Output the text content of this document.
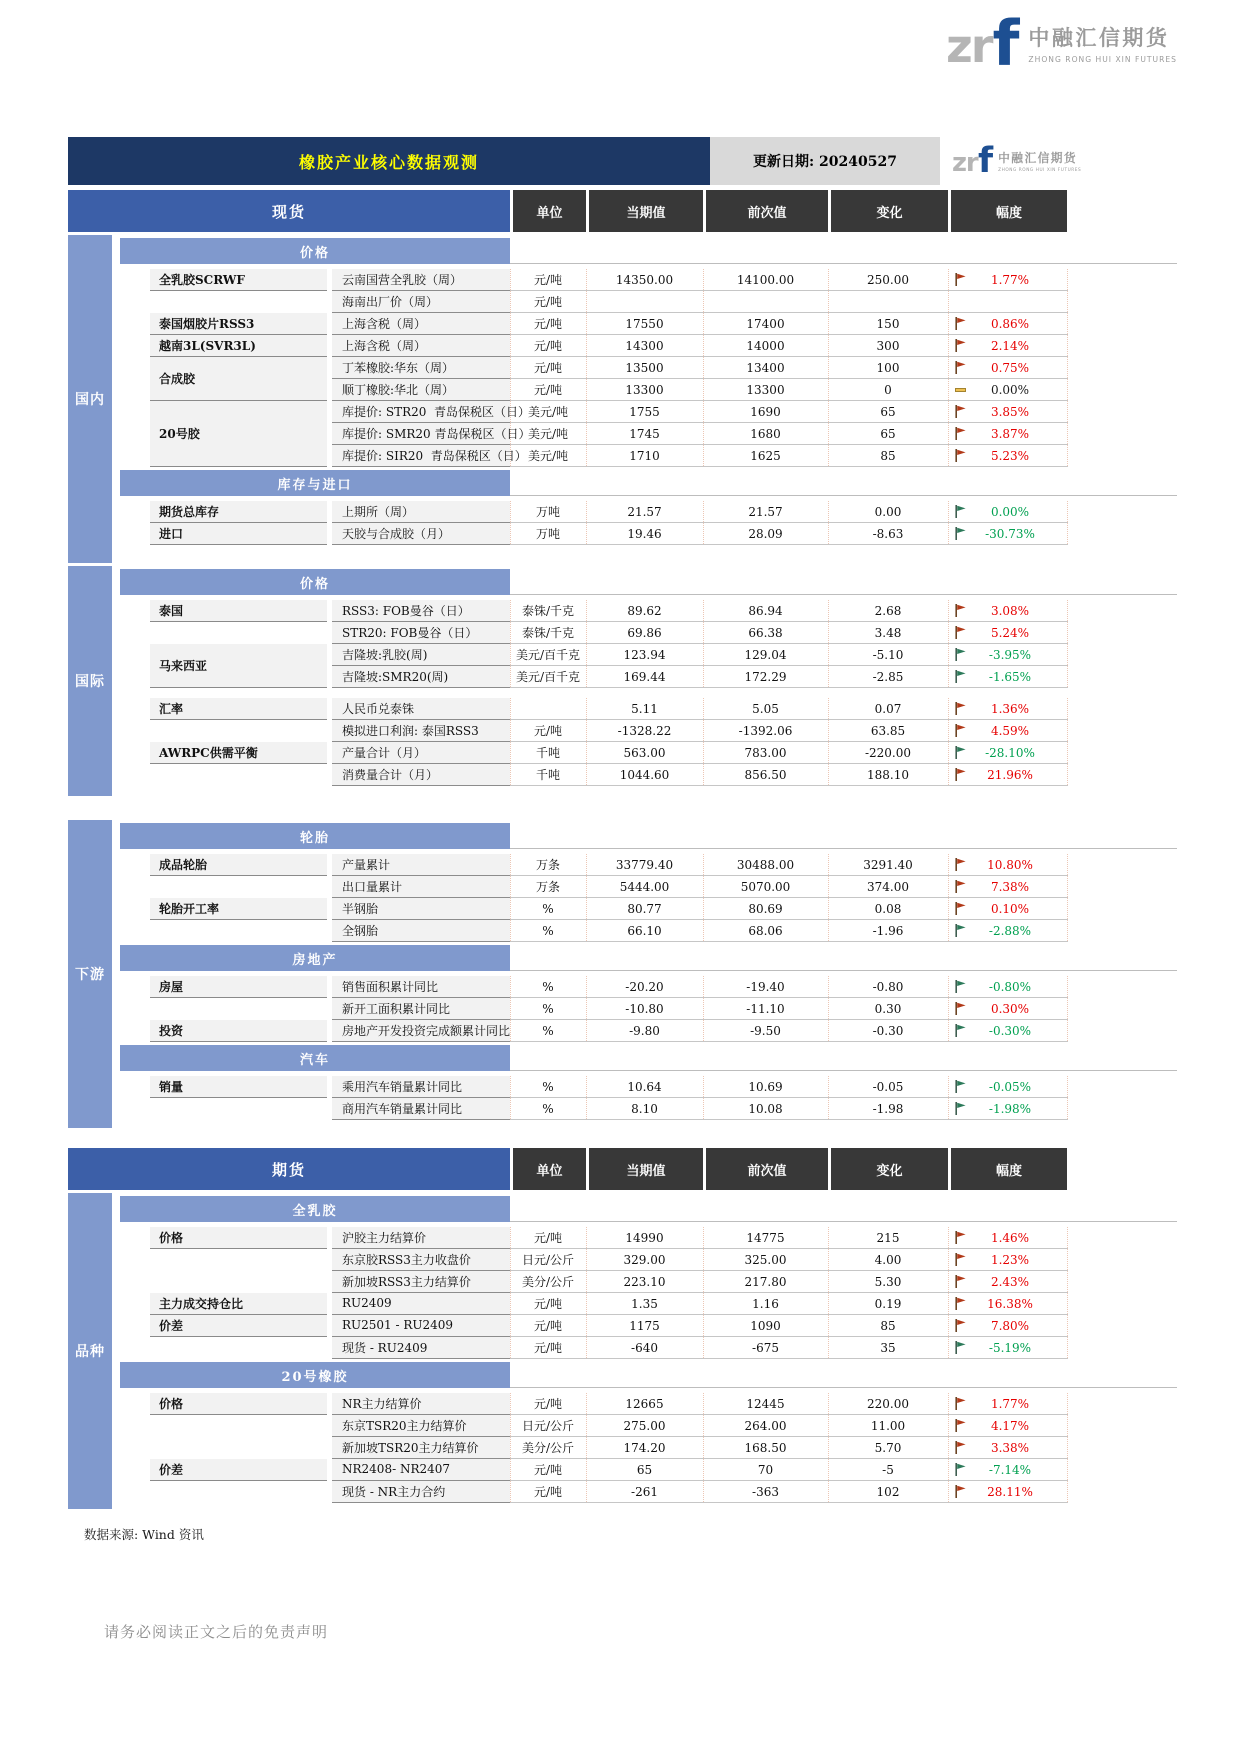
zr f 中融汇信期货
ZHONG RONG HUI XIN FUTURES
橡胶产业核心数据观测	更新日期: 20240527	zr f 中融汇信期货
ZHONG RONG HUI XIN FUTURES
现货	单位	当期值	前次值	变化	幅度
国内
价格
全乳胶SCRWF	云南国营全乳胶（周）	元/吨	14350.00	14100.00	250.00	1.77%	

海南出厂价（周）	元/吨				

泰国烟胶片RSS3	上海含税（周）	元/吨	17550	17400	150	0.86%	

越南3L(SVR3L)	上海含税（周）	元/吨	14300	14000	300	2.14%	

合成胶	丁苯橡胶:华东（周）	元/吨	13500	13400	100	0.75%	

顺丁橡胶:华北（周）	元/吨	13300	13300	0	0.00%	

20号胶	库提价: STR20  青岛保税区（日）	美元/吨	1755	1690	65	3.85%	

库提价: SMR20 青岛保税区（日）	美元/吨	1745	1680	65	3.87%	

库提价: SIR20  青岛保税区（日）	美元/吨	1710	1625	85	5.23%	

库存与进口
期货总库存	上期所（周）	万吨	21.57	21.57	0.00	0.00%	

进口	天胶与合成胶（月）	万吨	19.46	28.09	-8.63	-30.73%	

国际
价格
泰国	RSS3: FOB曼谷（日）	泰铢/千克	89.62	86.94	2.68	3.08%	

STR20: FOB曼谷（日）	泰铢/千克	69.86	66.38	3.48	5.24%	

马来西亚	吉隆坡:乳胶(周)	美元/百千克	123.94	129.04	-5.10	-3.95%	

吉隆坡:SMR20(周)	美元/百千克	169.44	172.29	-2.85	-1.65%	

汇率	人民币兑泰铢		5.11	5.05	0.07	1.36%	

模拟进口利润: 泰国RSS3	元/吨	-1328.22	-1392.06	63.85	4.59%	

AWRPC供需平衡	产量合计（月）	千吨	563.00	783.00	-220.00	-28.10%	

消费量合计（月）	千吨	1044.60	856.50	188.10	21.96%	

下游
轮胎
成品轮胎	产量累计	万条	33779.40	30488.00	3291.40	10.80%	

出口量累计	万条	5444.00	5070.00	374.00	7.38%	

轮胎开工率	半钢胎	%	80.77	80.69	0.08	0.10%	

全钢胎	%	66.10	68.06	-1.96	-2.88%	

房地产
房屋	销售面积累计同比	%	-20.20	-19.40	-0.80	-0.80%	

新开工面积累计同比	%	-10.80	-11.10	0.30	0.30%	

投资	房地产开发投资完成额累计同比	%	-9.80	-9.50	-0.30	-0.30%	

汽车
销量	乘用汽车销量累计同比	%	10.64	10.69	-0.05	-0.05%	

商用汽车销量累计同比	%	8.10	10.08	-1.98	-1.98%	

期货	单位	当期值	前次值	变化	幅度
品种
全乳胶
价格	沪胶主力结算价	元/吨	14990	14775	215	1.46%	

东京胶RSS3主力收盘价	日元/公斤	329.00	325.00	4.00	1.23%	

新加坡RSS3主力结算价	美分/公斤	223.10	217.80	5.30	2.43%	

主力成交持仓比	RU2409	元/吨	1.35	1.16	0.19	16.38%	

价差	RU2501 - RU2409	元/吨	1175	1090	85	7.80%	

现货 - RU2409	元/吨	-640	-675	35	-5.19%	

20号橡胶
价格	NR主力结算价	元/吨	12665	12445	220.00	1.77%	

东京TSR20主力结算价	日元/公斤	275.00	264.00	11.00	4.17%	

新加坡TSR20主力结算价	美分/公斤	174.20	168.50	5.70	3.38%	

价差	NR2408- NR2407	元/吨	65	70	-5	-7.14%	

现货 - NR主力合约	元/吨	-261	-363	102	28.11%	

数据来源: Wind 资讯
请务必阅读正文之后的免责声明
